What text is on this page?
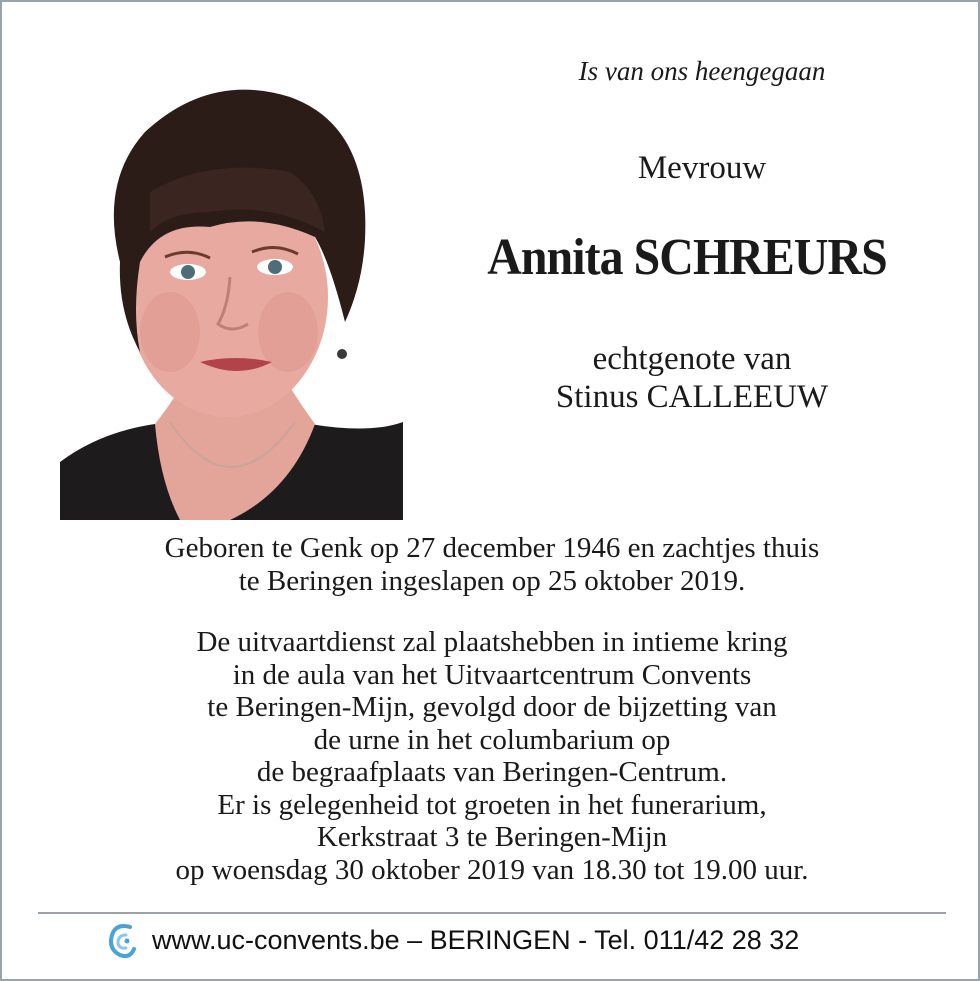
Is van ons heengegaan
Mevrouw
Annita SCHREURS
echtgenote van
Stinus CALLEEUW
Geboren te Genk op 27 december 1946 en zachtjes thuis
te Beringen ingeslapen op 25 oktober 2019.
De uitvaartdienst zal plaatshebben in intieme kring
in de aula van het Uitvaartcentrum Convents
te Beringen-Mijn, gevolgd door de bijzetting van
de urne in het columbarium op
de begraafplaats van Beringen-Centrum.
Er is gelegenheid tot groeten in het funerarium,
Kerkstraat 3 te Beringen-Mijn
op woensdag 30 oktober 2019 van 18.30 tot 19.00 uur.
www.uc-convents.be – BERINGEN - Tel. 011/42 28 32
